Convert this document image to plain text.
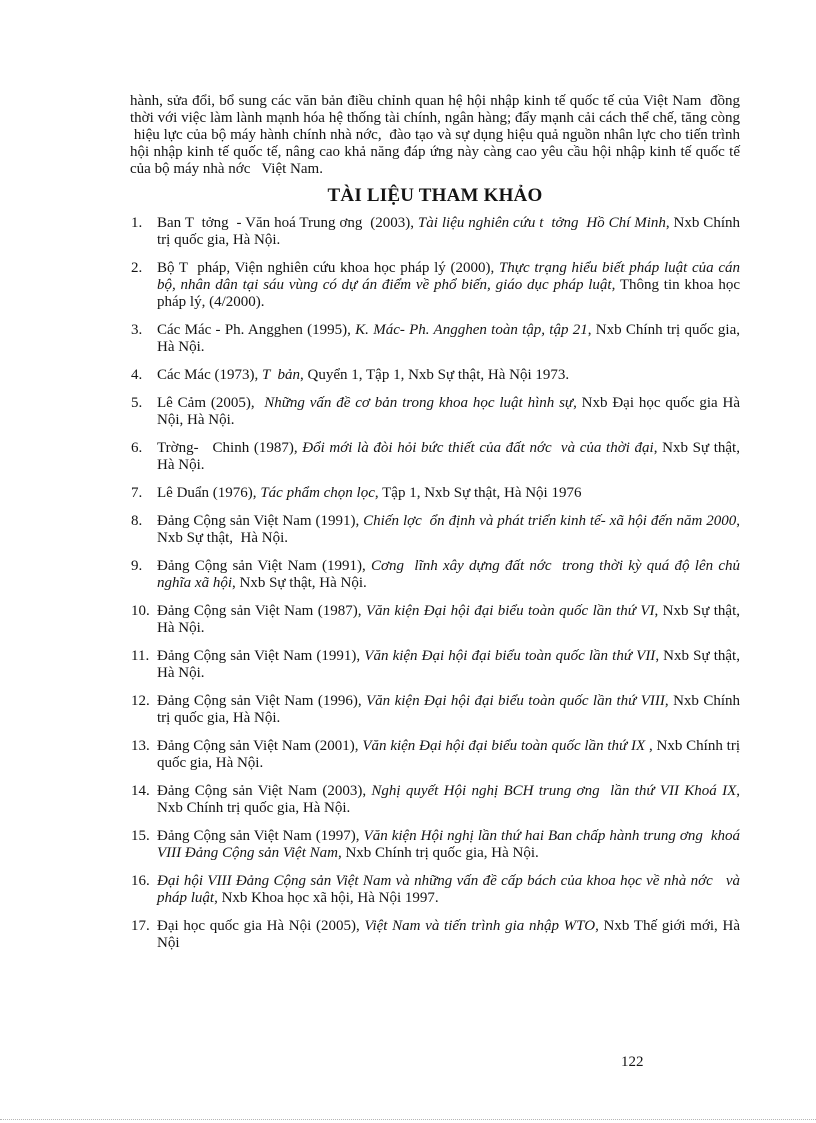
hành, sửa đổi, bổ sung các văn bản điều chỉnh quan hệ hội nhập kinh tế quốc tế của Việt Nam  đồng thời với việc làm lành mạnh hóa hệ thống tài chính, ngân hàng; đẩy mạnh cải cách thể chế, tăng còng  hiệu lực của bộ máy hành chính nhà nớc,  đào tạo và sự dụng hiệu quả nguồn nhân lực cho tiến trình hội nhập kinh tế quốc tế, nâng cao khả năng đáp ứng này càng cao yêu cầu hội nhập kinh tế quốc tế của bộ máy nhà nớc   Việt Nam.

TÀI LIỆU THAM KHẢO
1. Ban T  tởng  - Văn hoá Trung ơng  (2003), Tài liệu nghiên cứu t  tởng  Hồ Chí Minh, Nxb Chính trị quốc gia, Hà Nội.
2. Bộ T  pháp, Viện nghiên cứu khoa học pháp lý (2000), Thực trạng hiểu biết pháp luật của cán bộ, nhân dân tại sáu vùng có dự án điểm về phổ biến, giáo dục pháp luật, Thông tin khoa học pháp lý, (4/2000).
3. Các Mác - Ph. Angghen (1995), K. Mác- Ph. Angghen toàn tập, tập 21, Nxb Chính trị quốc gia, Hà Nội.
4. Các Mác (1973), T  bản, Quyển 1, Tập 1, Nxb Sự thật, Hà Nội 1973.
5. Lê Cảm (2005),  Những vấn đề cơ bản trong khoa học luật hình sự, Nxb Đại học quốc gia Hà Nội, Hà Nội.
6. Trờng-   Chinh (1987), Đổi mới là đòi hỏi bức thiết của đất nớc  và của thời đại, Nxb Sự thật, Hà Nội.
7. Lê Duẩn (1976), Tác phẩm chọn lọc, Tập 1, Nxb Sự thật, Hà Nội 1976
8. Đảng Cộng sản Việt Nam (1991), Chiến lợc  ổn định và phát triển kinh tế- xã hội đến năm 2000, Nxb Sự thật,  Hà Nội.
9. Đảng Cộng sản Việt Nam (1991), Cơng  lĩnh xây dựng đất nớc  trong thời kỳ quá độ lên chủ nghĩa xã hội, Nxb Sự thật, Hà Nội.
10. Đảng Cộng sản Việt Nam (1987), Văn kiện Đại hội đại biểu toàn quốc lần thứ VI, Nxb Sự thật, Hà Nội.
11. Đảng Cộng sản Việt Nam (1991), Văn kiện Đại hội đại biểu toàn quốc lần thứ VII, Nxb Sự thật, Hà Nội.
12. Đảng Cộng sản Việt Nam (1996), Văn kiện Đại hội đại biểu toàn quốc lần thứ VIII, Nxb Chính trị quốc gia, Hà Nội.
13. Đảng Cộng sản Việt Nam (2001), Văn kiện Đại hội đại biểu toàn quốc lần thứ IX , Nxb Chính trị quốc gia, Hà Nội.
14. Đảng Cộng sản Việt Nam (2003), Nghị quyết Hội nghị BCH trung ơng  lần thứ VII Khoá IX, Nxb Chính trị quốc gia, Hà Nội.
15. Đảng Cộng sản Việt Nam (1997), Văn kiện Hội nghị lần thứ hai Ban chấp hành trung ơng  khoá VIII Đảng Cộng sản Việt Nam, Nxb Chính trị quốc gia, Hà Nội.
16. Đại hội VIII Đảng Cộng sản Việt Nam và những vấn đề cấp bách của khoa học về nhà nớc   và pháp luật, Nxb Khoa học xã hội, Hà Nội 1997.
17. Đại học quốc gia Hà Nội (2005), Việt Nam và tiến trình gia nhập WTO, Nxb Thế giới mới, Hà Nội
122
